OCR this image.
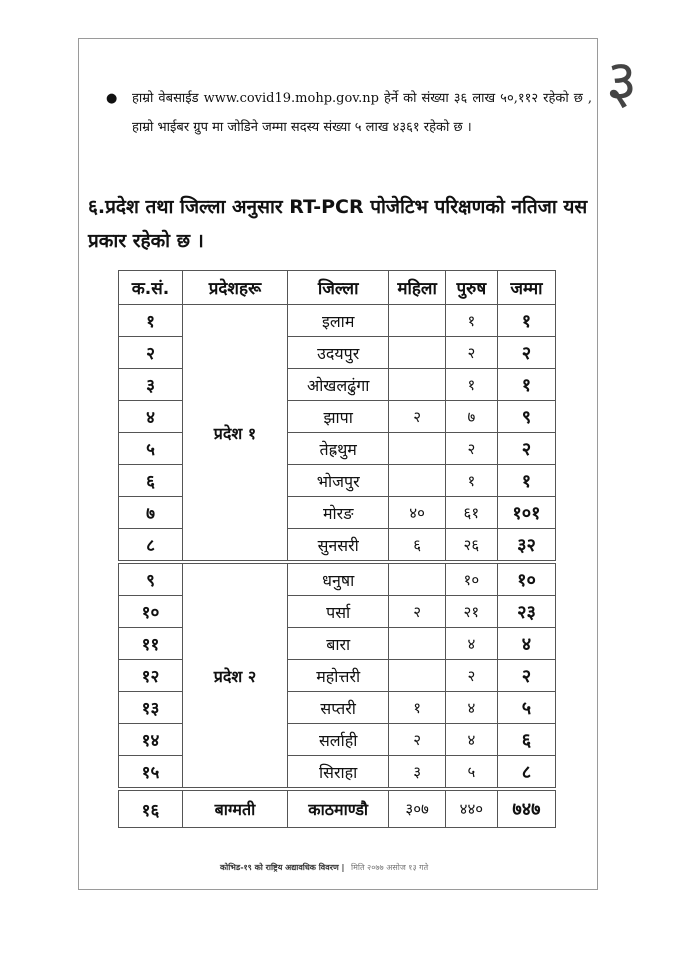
३
● हाम्रो वेबसाईड www.covid19.mohp.gov.np हेर्ने को संख्या ३६ लाख ५०,११२ रहेको छ , हाम्रो भाईबर ग्रुप मा जोडिने जम्मा सदस्य संख्या ५ लाख ४३६१ रहेको छ ।
६.प्रदेश तथा जिल्ला अनुसार RT-PCR पोजेटिभ परिक्षणको नतिजा यस प्रकार रहेको छ ।
क.सं.	प्रदेशहरू	जिल्ला	महिला	पुरुष	जम्मा
१	प्रदेश १	इलाम		१	१
२		उदयपुर		२	२
३		ओखलढुंगा		१	१
४		झापा	२	७	९
५		तेह्रथुम		२	२
६		भोजपुर		१	१
७		मोरङ	४०	६१	१०१
८		सुनसरी	६	२६	३२
९	प्रदेश २	धनुषा		१०	१०
१०		पर्सा	२	२१	२३
११		बारा		४	४
१२		महोत्तरी		२	२
१३		सप्तरी	१	४	५
१४		सर्लाही	२	४	६
१५		सिराहा	३	५	८
१६	बाग्मती	काठमाण्डौ	३०७	४४०	७४७
कोभिड-१९ को राष्ट्रिय अद्यावधिक विवरण | मिति २०७७ असोज १३ गते
